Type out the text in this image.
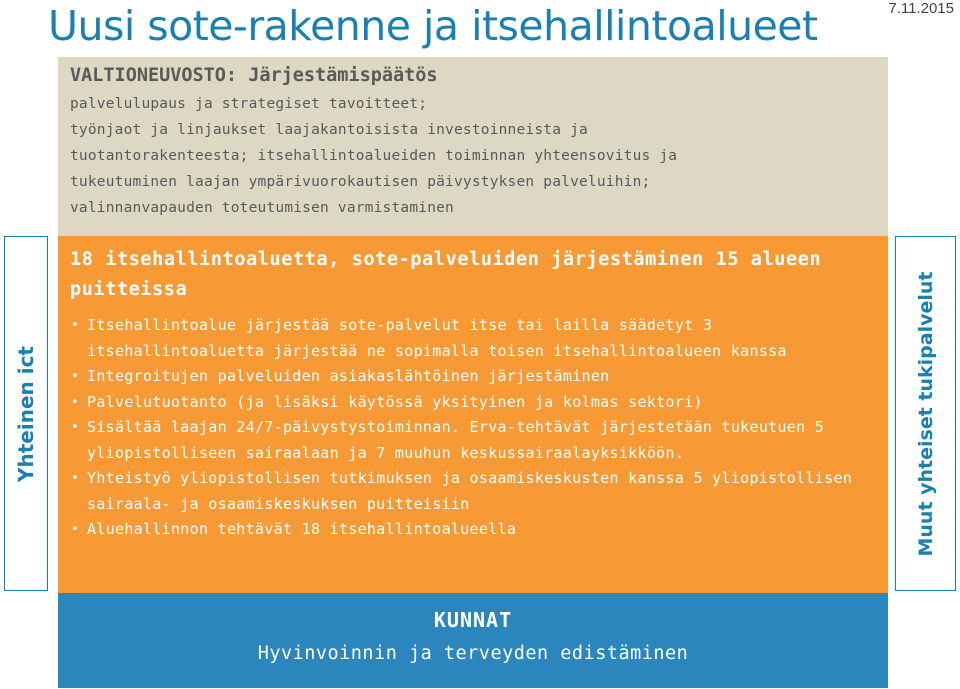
Uusi sote-rakenne ja itsehallintoalueet	7.11.2015
VALTIONEUVOSTO: Järjestämispäätös
palvelulupaus ja strategiset tavoitteet;
työnjaot ja linjaukset laajakantoisista investoinneista ja
tuotantorakenteesta; itsehallintoalueiden toiminnan yhteensovitus ja
tukeutuminen laajan ympärivuorokautisen päivystyksen palveluihin;
valinnanvapauden toteutumisen varmistaminen
Yhteinen ict
18 itsehallintoaluetta, sote-palveluiden järjestäminen 15 alueen puitteissa
• Itsehallintoalue järjestää sote-palvelut itse tai lailla säädetyt 3 itsehallintoaluetta järjestää ne sopimalla toisen itsehallintoalueen kanssa
• Integroitujen palveluiden asiakaslähtöinen järjestäminen
• Palvelutuotanto (ja lisäksi käytössä yksityinen ja kolmas sektori)
• Sisältää laajan 24/7-päivystystoiminnan. Erva-tehtävät järjestetään tukeutuen 5 yliopistolliseen sairaalaan ja 7 muuhun keskussairaalayksikköön.
• Yhteistyö yliopistollisen tutkimuksen ja osaamiskeskusten kanssa 5 yliopistollisen sairaala- ja osaamiskeskuksen puitteisiin
• Aluehallinnon tehtävät 18 itsehallintoalueella	Muut yhteiset tukipalvelut
KUNNAT
Hyvinvoinnin ja terveyden edistäminen
